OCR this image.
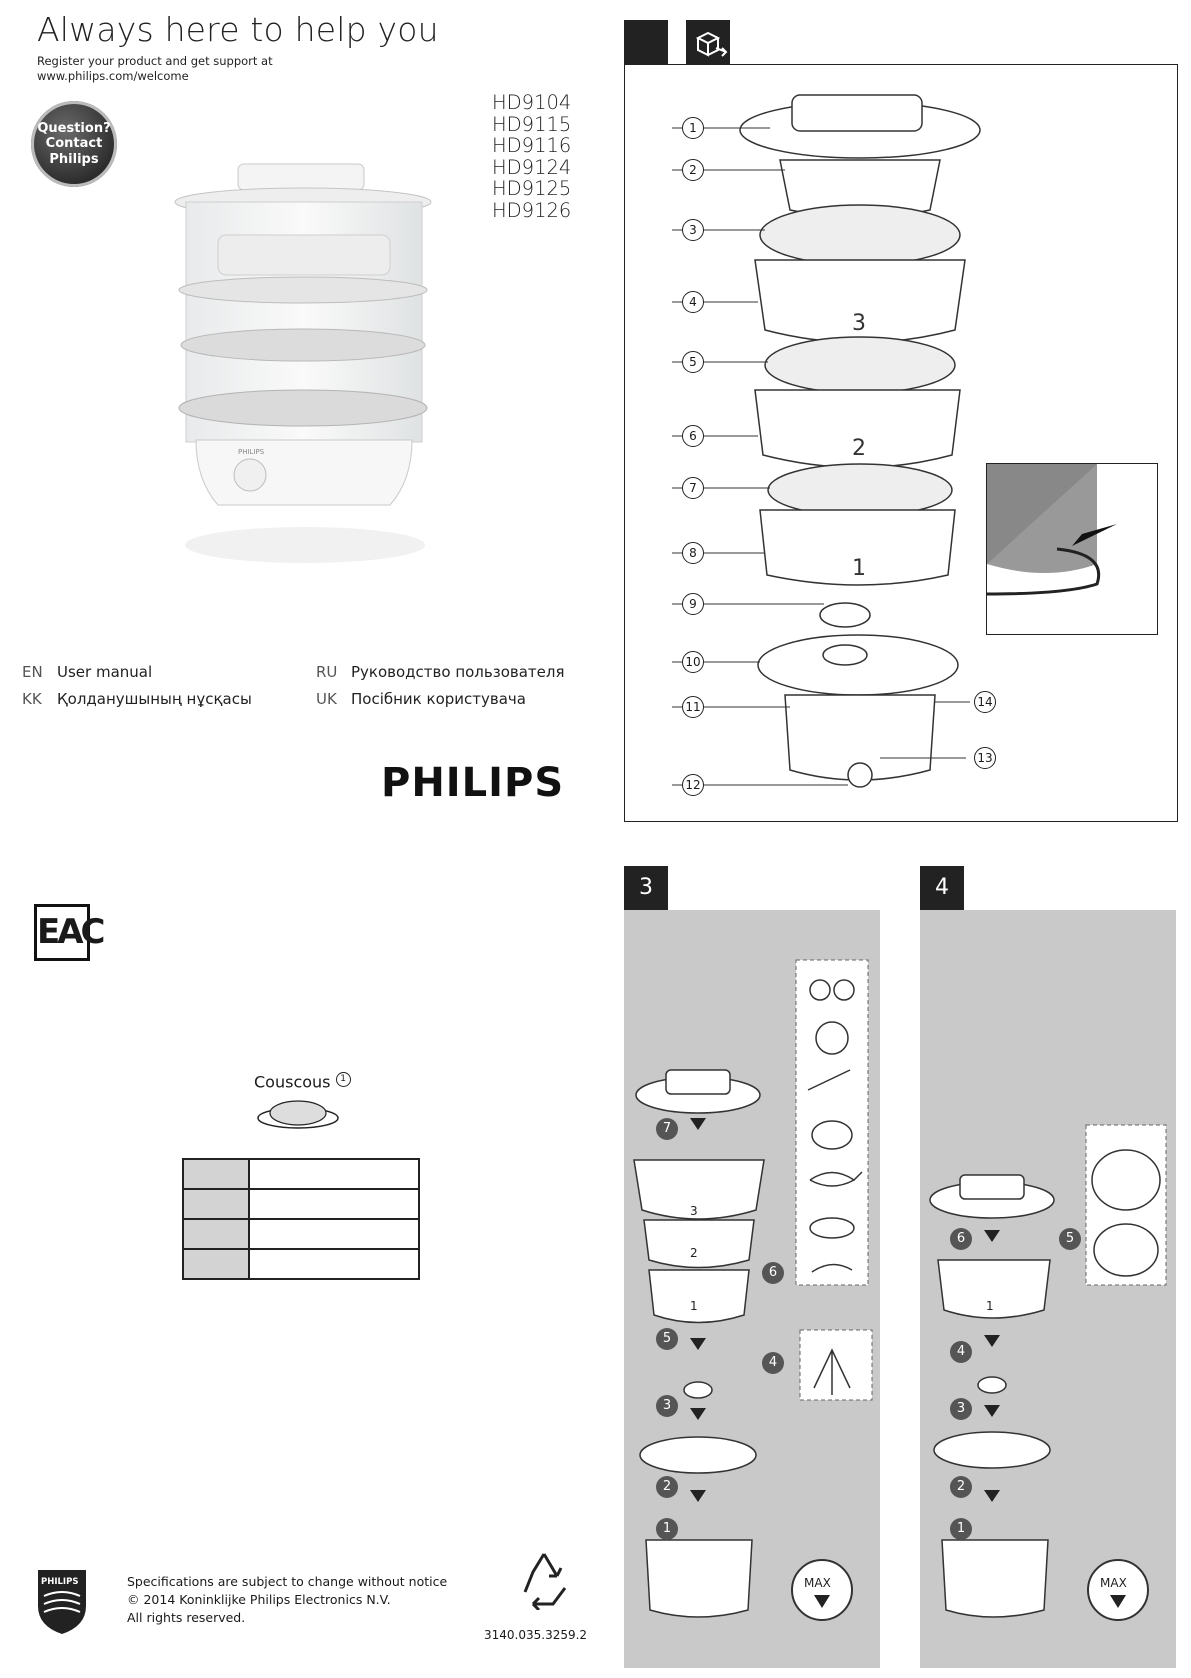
Always here to help you
Register your product and get support at
www.philips.com/welcome
Question?
Contact
Philips
HD9104
HD9115
HD9116
HD9124
HD9125
HD9126
PHILIPS
EN User manual
KK Қолданушының нұсқасы
RU Руководство пользователя
UK Посібник користувача
PHILIPS
3
2
1
1
2
3
4
5
6
7
8
9
10
11
12
13
14
EAC
Couscous 1

PHILIPS	Specifications are subject to change without notice
© 2014 Koninklijke Philips Electronics N.V.
All rights reserved.
3140.035.3259.2
3
3
2
1
MAX
7
6
5
4
3
2
1
4
1
MAX
6	5
4
3
2
1
